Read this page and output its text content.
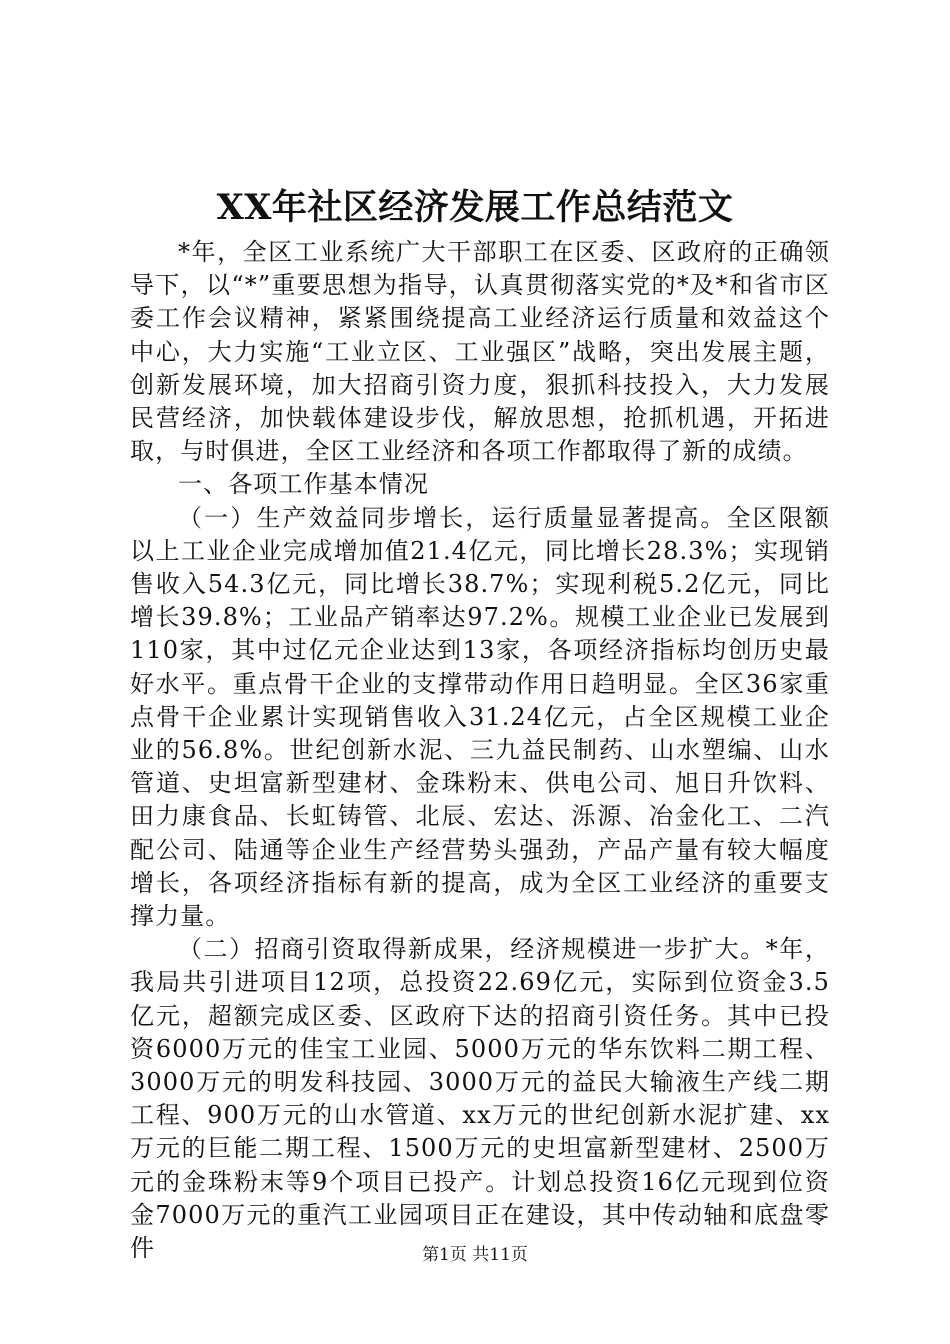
XX年社区经济发展工作总结范文

*年，全区工业系统广大干部职工在区委、区政府的正确领导下，以“*”重要思想为指导，认真贯彻落实党的*及*和省市区委工作会议精神，紧紧围绕提高工业经济运行质量和效益这个中心，大力实施“工业立区、工业强区”战略，突出发展主题，创新发展环境，加大招商引资力度，狠抓科技投入，大力发展民营经济，加快载体建设步伐，解放思想，抢抓机遇，开拓进取，与时俱进，全区工业经济和各项工作都取得了新的成绩。

一、各项工作基本情况

（一）生产效益同步增长，运行质量显著提高。全区限额以上工业企业完成增加值21.4亿元，同比增长28.3%；实现销售收入54.3亿元，同比增长38.7%；实现利税5.2亿元，同比增长39.8%；工业品产销率达97.2%。规模工业企业已发展到110家，其中过亿元企业达到13家，各项经济指标均创历史最好水平。重点骨干企业的支撑带动作用日趋明显。全区36家重点骨干企业累计实现销售收入31.24亿元，占全区规模工业企业的56.8%。世纪创新水泥、三九益民制药、山水塑编、山水管道、史坦富新型建材、金珠粉末、供电公司、旭日升饮料、田力康食品、长虹铸管、北辰、宏达、泺源、冶金化工、二汽配公司、陆通等企业生产经营势头强劲，产品产量有较大幅度增长，各项经济指标有新的提高，成为全区工业经济的重要支撑力量。

（二）招商引资取得新成果，经济规模进一步扩大。*年，我局共引进项目12项，总投资22.69亿元，实际到位资金3.5亿元，超额完成区委、区政府下达的招商引资任务。其中已投资6000万元的佳宝工业园、5000万元的华东饮料二期工程、3000万元的明发科技园、3000万元的益民大输液生产线二期工程、900万元的山水管道、xx万元的世纪创新水泥扩建、xx万元的巨能二期工程、1500万元的史坦富新型建材、2500万元的金珠粉末等9个项目已投产。计划总投资16亿元现到位资金7000万元的重汽工业园项目正在建设，其中传动轴和底盘零件	第1页 共11页
